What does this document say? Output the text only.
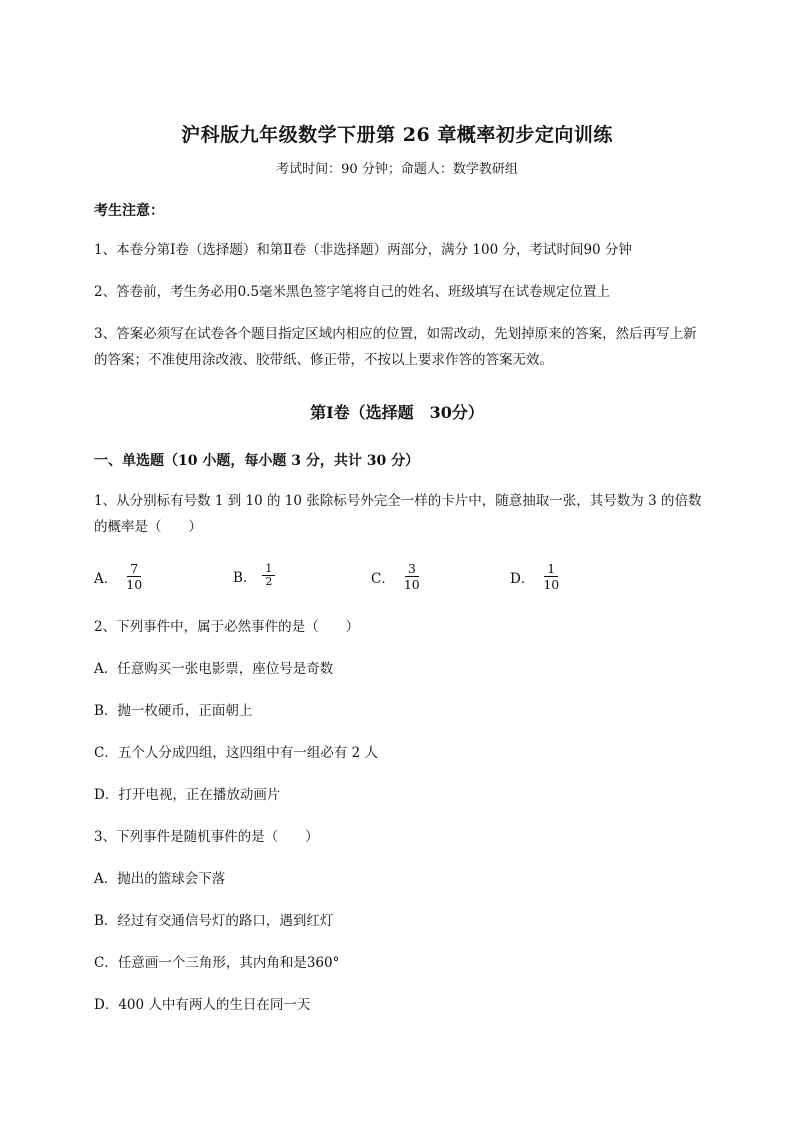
沪科版九年级数学下册第 26 章概率初步定向训练
考试时间：90 分钟；命题人：数学教研组
考生注意：
1、本卷分第Ⅰ卷（选择题）和第Ⅱ卷（非选择题）两部分，满分 100 分，考试时间90 分钟
2、答卷前，考生务必用0.5毫米黑色签字笔将自己的姓名、班级填写在试卷规定位置上
3、答案必须写在试卷各个题目指定区域内相应的位置，如需改动，先划掉原来的答案，然后再写上新
的答案；不准使用涂改液、胶带纸、修正带，不按以上要求作答的答案无效。
第Ⅰ卷（选择题　30分）
一、单选题（10 小题，每小题 3 分，共计 30 分）
1、从分别标有号数 1 到 10 的 10 张除标号外完全一样的卡片中，随意抽取一张，其号数为 3 的倍数
的概率是（　　）
A． $\frac{7}{10}$	B． $\frac{1}{2}$	C． $\frac{3}{10}$	D． $\frac{1}{10}$
2、下列事件中，属于必然事件的是（　　）
A．任意购买一张电影票，座位号是奇数
B．抛一枚硬币，正面朝上
C．五个人分成四组，这四组中有一组必有 2 人
D．打开电视，正在播放动画片
3、下列事件是随机事件的是（　　）
A．抛出的篮球会下落
B．经过有交通信号灯的路口，遇到红灯
C．任意画一个三角形，其内角和是360°
D．400 人中有两人的生日在同一天
